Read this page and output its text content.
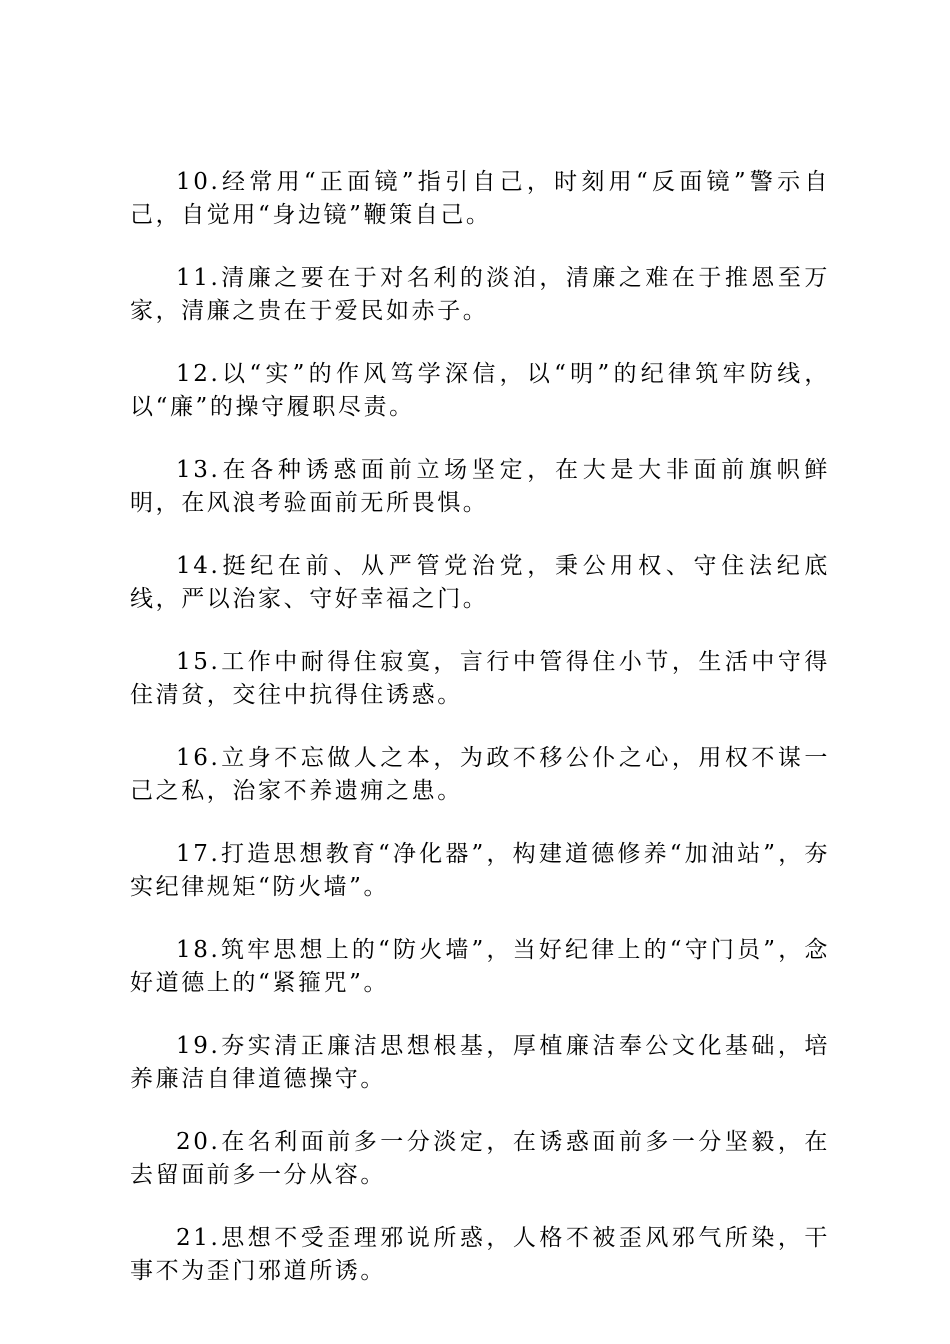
10.经常用“正面镜”指引自己，时刻用“反面镜”警示自己，自觉用“身边镜”鞭策自己。

11.清廉之要在于对名利的淡泊，清廉之难在于推恩至万家，清廉之贵在于爱民如赤子。

12.以“实”的作风笃学深信，以“明”的纪律筑牢防线，以“廉”的操守履职尽责。

13.在各种诱惑面前立场坚定，在大是大非面前旗帜鲜明，在风浪考验面前无所畏惧。

14.挺纪在前、从严管党治党，秉公用权、守住法纪底线，严以治家、守好幸福之门。

15.工作中耐得住寂寞，言行中管得住小节，生活中守得住清贫，交往中抗得住诱惑。

16.立身不忘做人之本，为政不移公仆之心，用权不谋一己之私，治家不养遗痈之患。

17.打造思想教育“净化器”，构建道德修养“加油站”，夯实纪律规矩“防火墙”。

18.筑牢思想上的“防火墙”，当好纪律上的“守门员”，念好道德上的“紧箍咒”。

19.夯实清正廉洁思想根基，厚植廉洁奉公文化基础，培养廉洁自律道德操守。

20.在名利面前多一分淡定，在诱惑面前多一分坚毅，在去留面前多一分从容。

21.思想不受歪理邪说所惑，人格不被歪风邪气所染，干事不为歪门邪道所诱。
